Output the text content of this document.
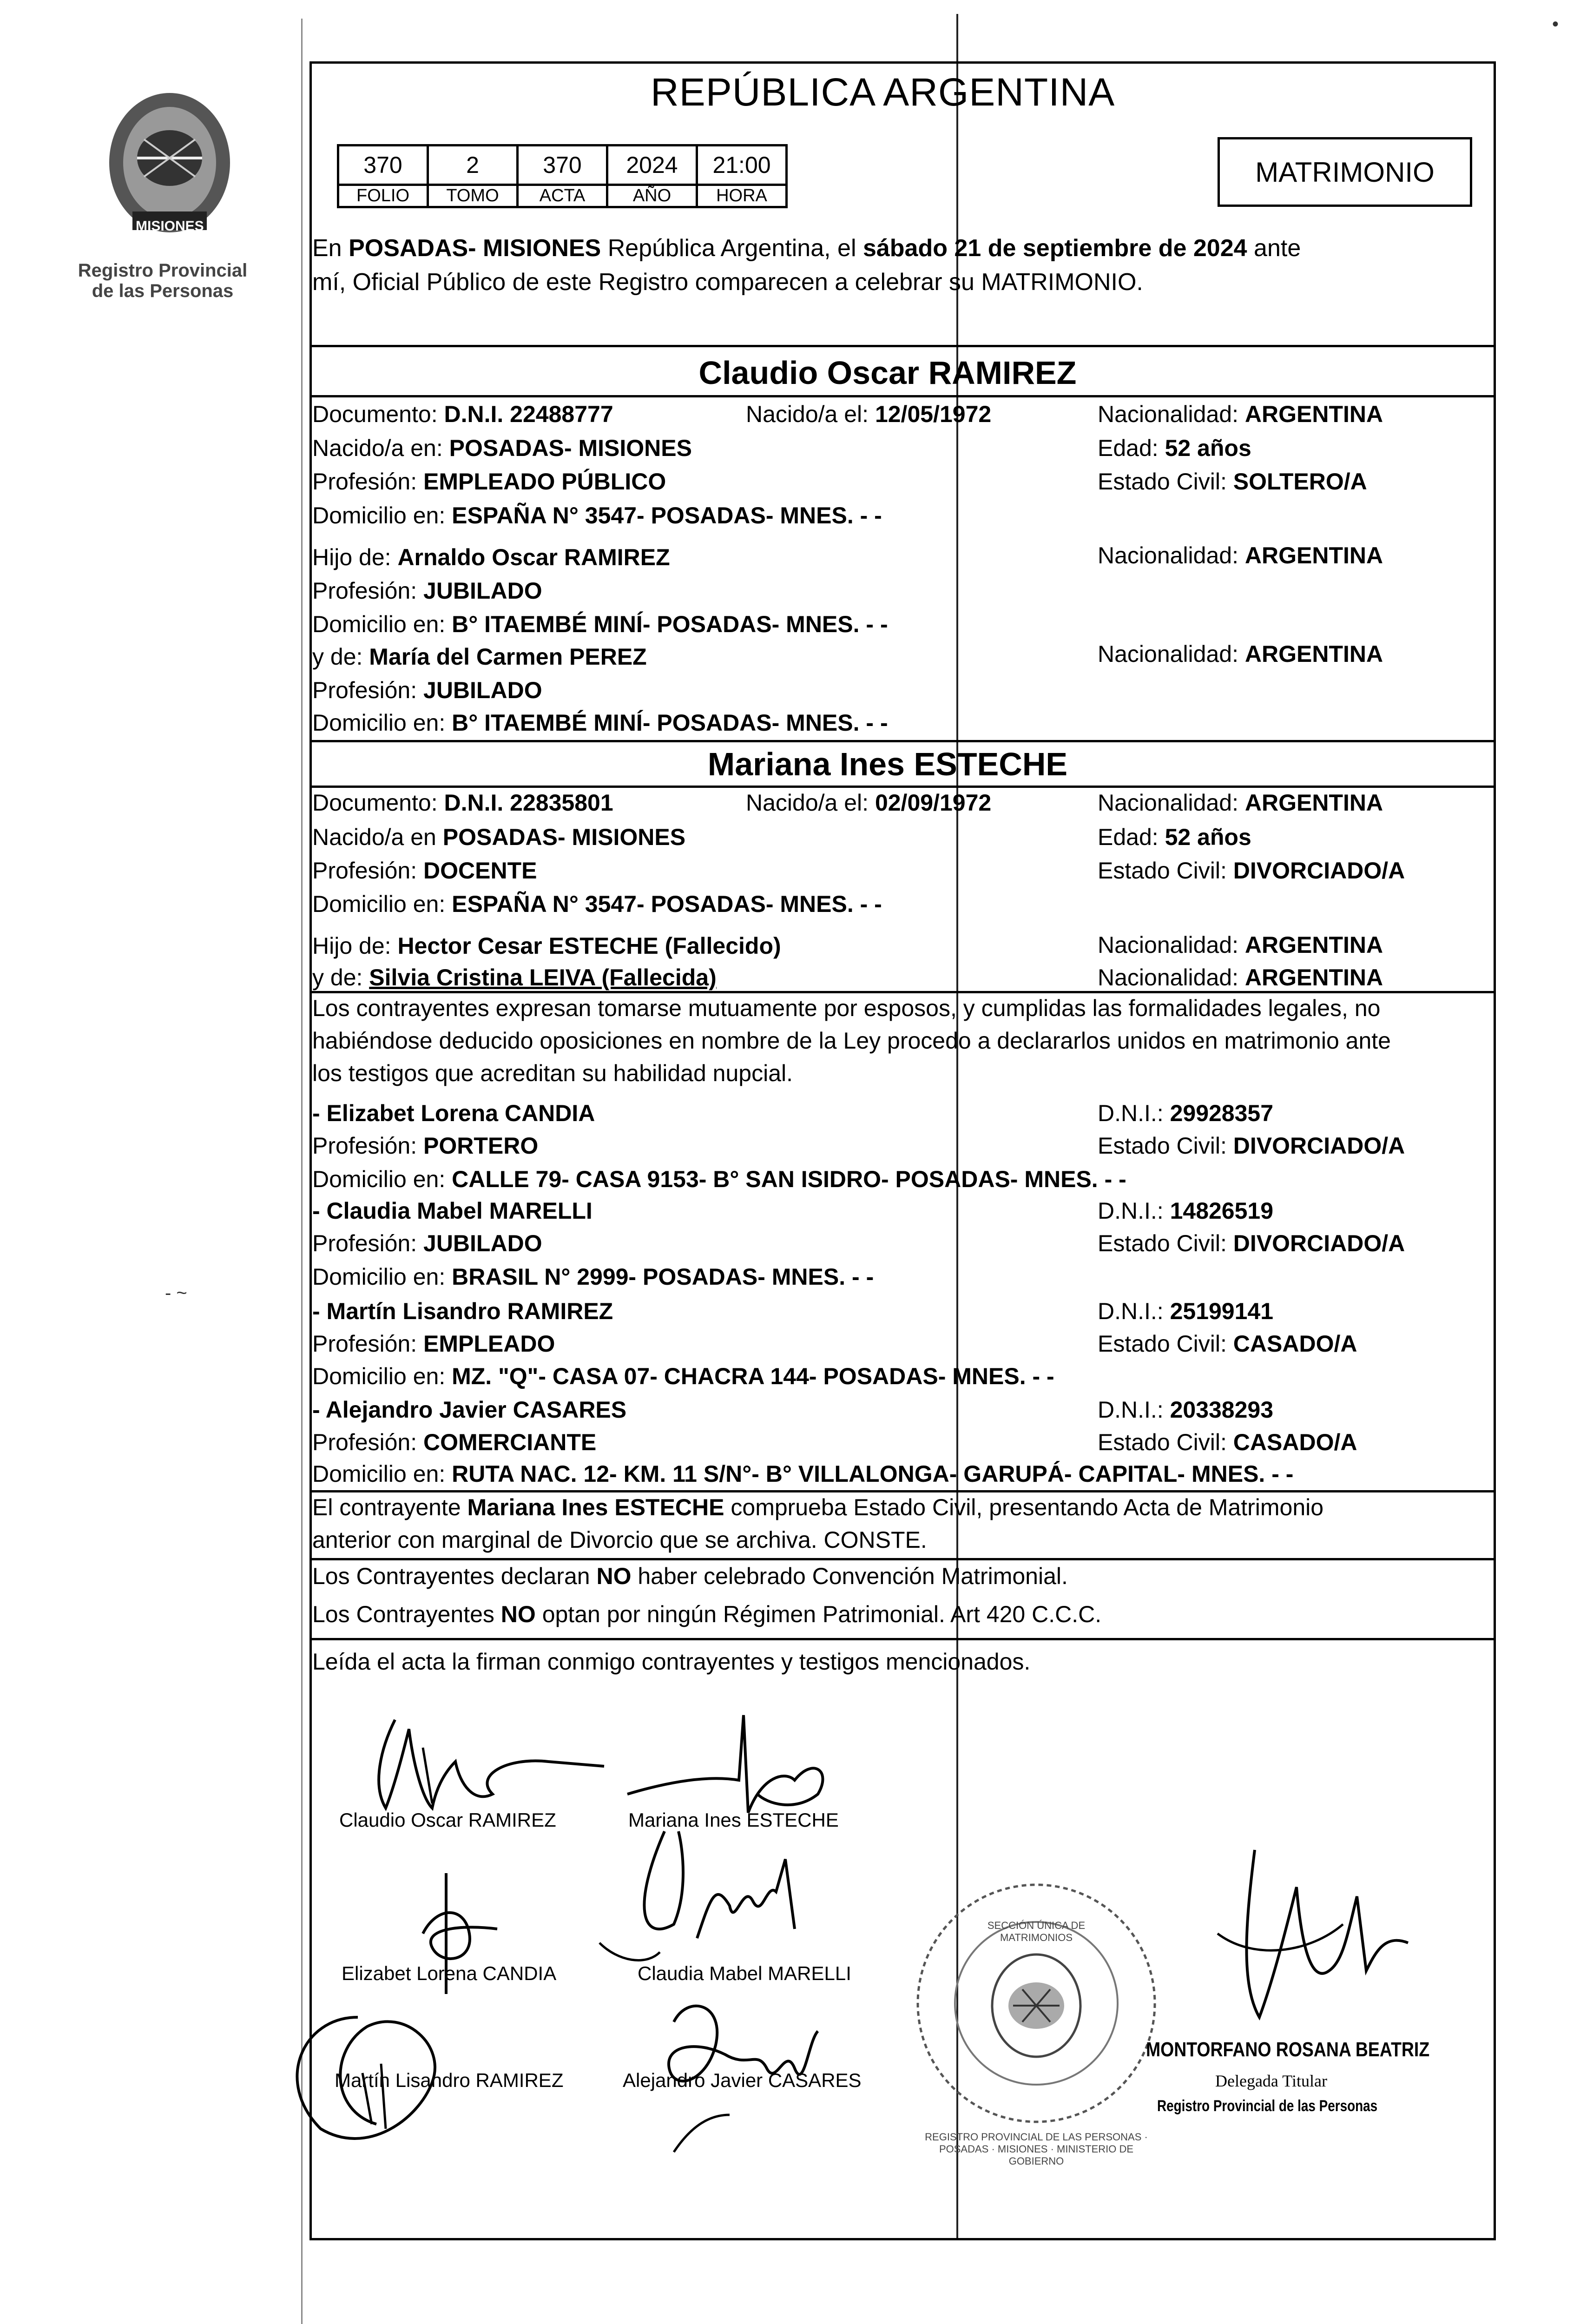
•
- ~
MISIONES
Registro Provincial
de las Personas
REPÚBLICA ARGENTINA
370	2	370	2024	21:00
FOLIO	TOMO	ACTA	AÑO	HORA
MATRIMONIO
En POSADAS- MISIONES República Argentina, el sábado 21 de septiembre de 2024 ante
mí, Oficial Público de este Registro comparecen a celebrar su MATRIMONIO.
Claudio Oscar RAMIREZ
Documento: D.N.I. 22488777	Nacido/a el: 12/05/1972	Nacionalidad: ARGENTINA
Nacido/a en: POSADAS- MISIONES	Edad: 52 años
Profesión: EMPLEADO PÚBLICO	Estado Civil: SOLTERO/A
Domicilio en: ESPAÑA N° 3547- POSADAS- MNES. - -
Hijo de: Arnaldo Oscar RAMIREZ	Nacionalidad: ARGENTINA
Profesión: JUBILADO
Domicilio en: B° ITAEMBÉ MINÍ- POSADAS- MNES. - -
y de: María del Carmen PEREZ	Nacionalidad: ARGENTINA
Profesión: JUBILADO
Domicilio en: B° ITAEMBÉ MINÍ- POSADAS- MNES. - -
Mariana Ines ESTECHE
Documento: D.N.I. 22835801	Nacido/a el: 02/09/1972	Nacionalidad: ARGENTINA
Nacido/a en POSADAS- MISIONES	Edad: 52 años
Profesión: DOCENTE	Estado Civil: DIVORCIADO/A
Domicilio en: ESPAÑA N° 3547- POSADAS- MNES. - -
Hijo de: Hector Cesar ESTECHE (Fallecido)	Nacionalidad: ARGENTINA
y de: Silvia Cristina LEIVA (Fallecida)	Nacionalidad: ARGENTINA
Los contrayentes expresan tomarse mutuamente por esposos, y cumplidas las formalidades legales, no
habiéndose deducido oposiciones en nombre de la Ley procedo a declararlos unidos en matrimonio ante
los testigos que acreditan su habilidad nupcial.
- Elizabet Lorena CANDIA	D.N.I.: 29928357
Profesión: PORTERO	Estado Civil: DIVORCIADO/A
Domicilio en: CALLE 79- CASA 9153- B° SAN ISIDRO- POSADAS- MNES. - -
- Claudia Mabel MARELLI	D.N.I.: 14826519
Profesión: JUBILADO	Estado Civil: DIVORCIADO/A
Domicilio en: BRASIL N° 2999- POSADAS- MNES. - -
- Martín Lisandro RAMIREZ	D.N.I.: 25199141
Profesión: EMPLEADO	Estado Civil: CASADO/A
Domicilio en: MZ. "Q"- CASA 07- CHACRA 144- POSADAS- MNES. - -
- Alejandro Javier CASARES	D.N.I.: 20338293
Profesión: COMERCIANTE	Estado Civil: CASADO/A
Domicilio en: RUTA NAC. 12- KM. 11 S/N°- B° VILLALONGA- GARUPÁ- CAPITAL- MNES. - -
El contrayente Mariana Ines ESTECHE comprueba Estado Civil, presentando Acta de Matrimonio
anterior con marginal de Divorcio que se archiva. CONSTE.
Los Contrayentes declaran NO haber celebrado Convención Matrimonial.
Los Contrayentes NO optan por ningún Régimen Patrimonial. Art 420 C.C.C.
Leída el acta la firman conmigo contrayentes y testigos mencionados.
Claudio Oscar RAMIREZ	Mariana Ines ESTECHE
Elizabet Lorena CANDIA	Claudia Mabel MARELLI
Martín Lisandro RAMIREZ	Alejandro Javier CASARES
REGISTRO PROVINCIAL DE LAS PERSONAS · POSADAS · MISIONES · MINISTERIO DE GOBIERNO
SECCIÓN ÚNICA DE MATRIMONIOS
MONTORFANO ROSANA BEATRIZ
Delegada Titular
Registro Provincial de las Personas
